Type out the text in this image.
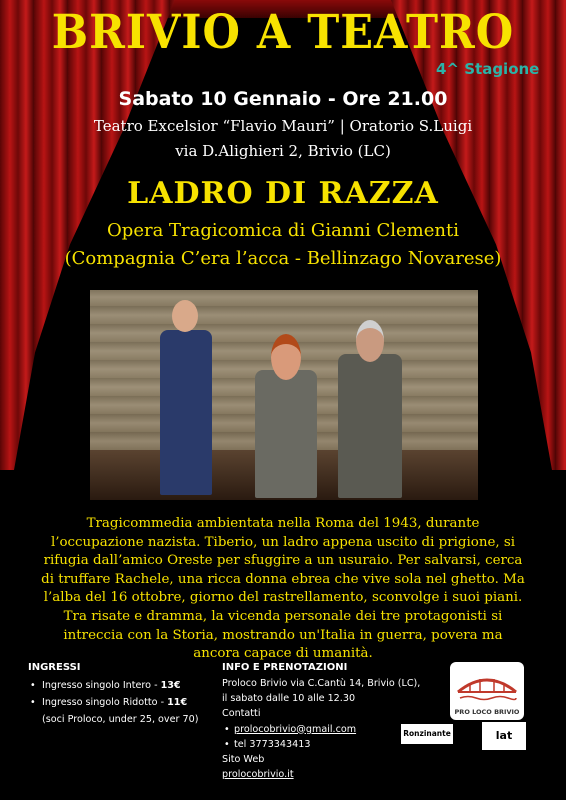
BRIVIO A TEATRO
4^ Stagione
Sabato 10 Gennaio - Ore 21.00
Teatro Excelsior “Flavio Mauri” | Oratorio S.Luigi
via D.Alighieri 2, Brivio (LC)
LADRO DI RAZZA
Opera Tragicomica di Gianni Clementi
(Compagnia C’era l’acca - Bellinzago Novarese)
Tragicommedia ambientata nella Roma del 1943, durante l’occupazione nazista. Tiberio, un ladro appena uscito di prigione, si rifugia dall’amico Oreste per sfuggire a un usuraio. Per salvarsi, cerca di truffare Rachele, una ricca donna ebrea che vive sola nel ghetto. Ma l’alba del 16 ottobre, giorno del rastrellamento, sconvolge i suoi piani. Tra risate e dramma, la vicenda personale dei tre protagonisti si intreccia con la Storia, mostrando un'Italia in guerra, povera ma ancora capace di umanità.
INGRESSI
• Ingresso singolo Intero - 13€
• Ingresso singolo Ridotto - 11€
(soci Proloco, under 25, over 70)
INFO E PRENOTAZIONI
Proloco Brivio via C.Cantù 14, Brivio (LC),
il sabato dalle 10 alle 12.30
Contatti
• prolocobrivio@gmail.com
• tel 3773343413
Sito Web
prolocobrivio.it
PRO LOCO BRIVIO
Ronzinante	lat
